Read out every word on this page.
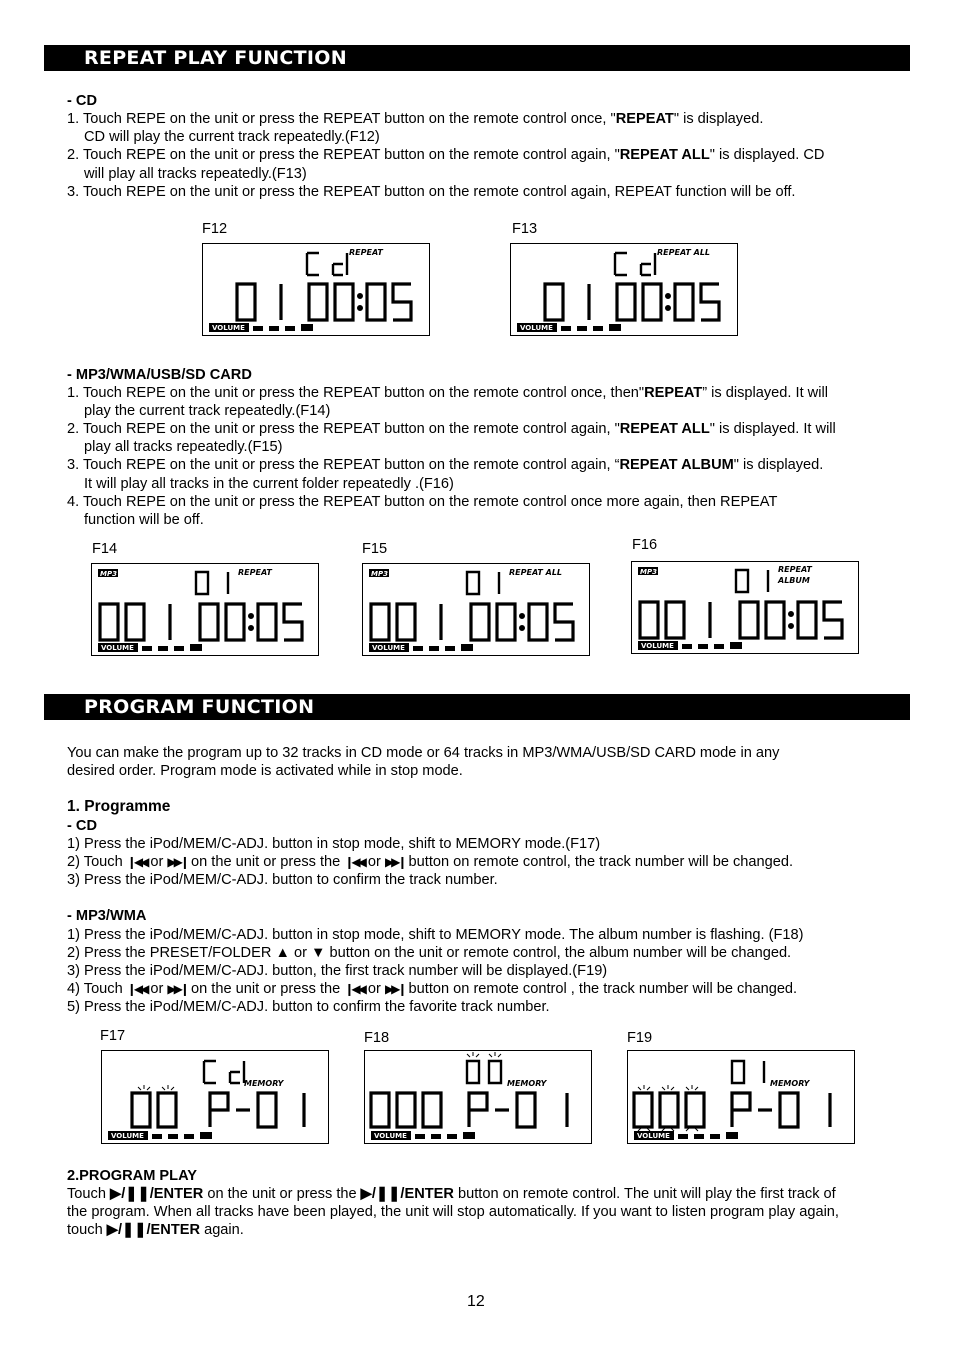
REPEAT PLAY FUNCTION
- CD
1. Touch REPE on the unit or press the REPEAT button on the remote control once, "REPEAT" is displayed.
CD will play the current track repeatedly.(F12)
2. Touch REPE on the unit or press the REPEAT button on the remote control again, "REPEAT ALL" is displayed. CD
will play all tracks repeatedly.(F13)
3. Touch REPE on the unit or press the REPEAT button on the remote control again, REPEAT function will be off.
F12	F13
REPEAT
VOLUME
REPEAT ALL
VOLUME
- MP3/WMA/USB/SD CARD
1. Touch REPE on the unit or press the REPEAT button on the remote control once, then"REPEAT” is displayed. It will
play the current track repeatedly.(F14)
2. Touch REPE on the unit or press the REPEAT button on the remote control again, "REPEAT ALL" is displayed. It will
play all tracks repeatedly.(F15)
3. Touch REPE on the unit or press the REPEAT button on the remote control again, “REPEAT ALBUM" is displayed.
It will play all tracks in the current folder repeatedly .(F16)
4. Touch REPE on the unit or press the REPEAT button on the remote control once more again, then REPEAT
function will be off.
F14	F15	F16
MP3	REPEAT
VOLUME
MP3	REPEAT ALL
VOLUME
MP3	REPEAT
ALBUM
VOLUME
PROGRAM FUNCTION
You can make the program up to 32 tracks in CD mode or 64 tracks in MP3/WMA/USB/SD CARD mode in any
desired order. Program mode is activated while in stop mode.
1. Programme
- CD
1) Press the iPod/MEM/C-ADJ. button in stop mode, shift to MEMORY mode.(F17)
2) Touch ❙◀◀ or ▶▶❙ on the unit or press the ❙◀◀ or ▶▶❙ button on remote control, the track number will be changed.
3) Press the iPod/MEM/C-ADJ. button to confirm the track number.
- MP3/WMA
1) Press the iPod/MEM/C-ADJ. button in stop mode, shift to MEMORY mode. The album number is flashing. (F18)
2) Press the PRESET/FOLDER ▲ or ▼ button on the unit or remote control, the album number will be changed.
3) Press the iPod/MEM/C-ADJ. button, the first track number will be displayed.(F19)
4) Touch ❙◀◀ or ▶▶❙ on the unit or press the ❙◀◀ or ▶▶❙ button on remote control , the track number will be changed.
5) Press the iPod/MEM/C-ADJ. button to confirm the favorite track number.
F17	F18	F19
MEMORY
VOLUME
MEMORY
VOLUME
MEMORY
VOLUME
2.PROGRAM PLAY
Touch ▶/❚❚/ENTER on the unit or press the ▶/❚❚/ENTER button on remote control. The unit will play the first track of
the program. When all tracks have been played, the unit will stop automatically. If you want to listen program play again,
touch ▶/❚❚/ENTER again.
12
